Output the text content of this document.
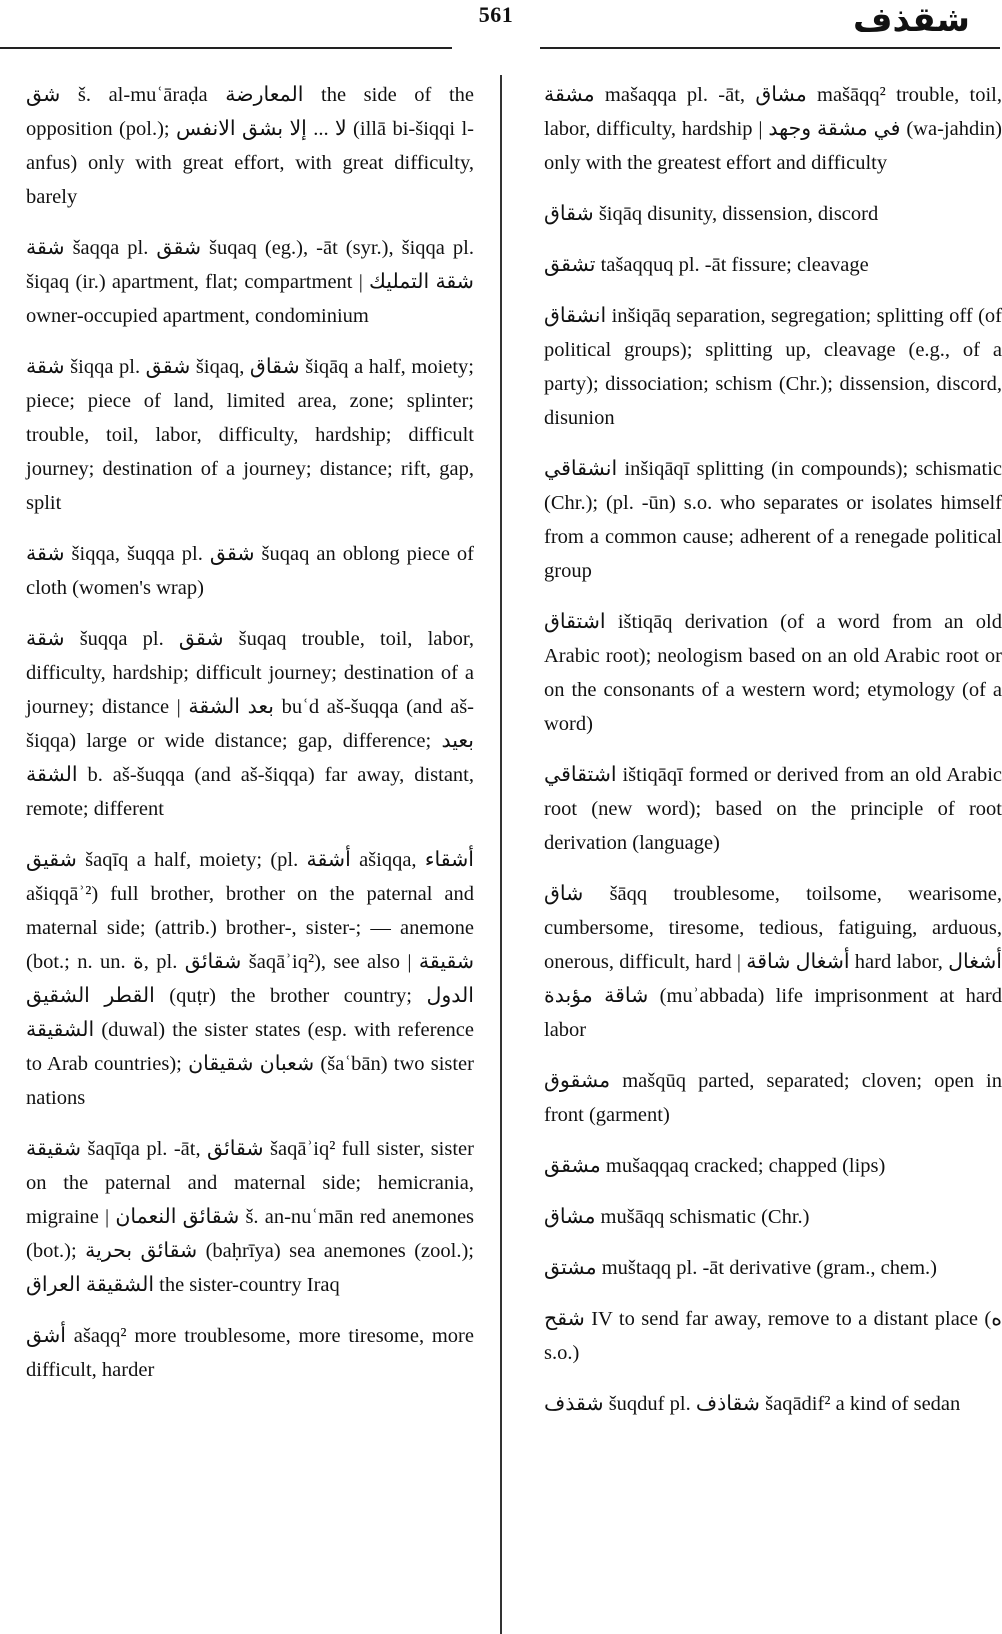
561	شقذف

شق š. al-muʿāraḍa المعارضة the side of the opposition (pol.); لا ... إلا بشق الانفس (illā bi-šiqqi l-anfus) only with great effort, with great difficulty, barely

شقة šaqqa pl. شقق šuqaq (eg.), -āt (syr.), šiqqa pl. šiqaq (ir.) apartment, flat; compartment | شقة التمليك owner-occupied apartment, condominium

شقة šiqqa pl. شقق šiqaq, شقاق šiqāq a half, moiety; piece; piece of land, limited area, zone; splinter; trouble, toil, labor, difficulty, hardship; difficult journey; destination of a journey; distance; rift, gap, split

شقة šiqqa, šuqqa pl. شقق šuqaq an oblong piece of cloth (women's wrap)

شقة šuqqa pl. شقق šuqaq trouble, toil, labor, difficulty, hardship; difficult journey; destination of a journey; distance | بعد الشقة buʿd aš-šuqqa (and aš-šiqqa) large or wide distance; gap, difference; بعيد الشقة b. aš-šuqqa (and aš-šiqqa) far away, distant, remote; different

شقيق šaqīq a half, moiety; (pl. أشقة ašiqqa, أشقاء ašiqqāʾ²) full brother, brother on the paternal and maternal side; (attrib.) brother-, sister-; — anemone (bot.; n. un. ة, pl. شقائق šaqāʾiq²), see also شقيقة | القطر الشقيق (quṭr) the brother country; الدول الشقيقة (duwal) the sister states (esp. with reference to Arab countries); شعبان شقيقان (šaʿbān) two sister nations

شقيقة šaqīqa pl. -āt, شقائق šaqāʾiq² full sister, sister on the paternal and maternal side; hemicrania, migraine | شقائق النعمان š. an-nuʿmān red anemones (bot.); شقائق بحرية (baḥrīya) sea anemones (zool.); الشقيقة العراق the sister-country Iraq

أشق ašaqq² more troublesome, more tiresome, more difficult, harder

مشقة mašaqqa pl. -āt, مشاق mašāqq² trouble, toil, labor, difficulty, hardship | في مشقة وجهد (wa-jahdin) only with the greatest effort and difficulty

شقاق šiqāq disunity, dissension, discord

تشقق tašaqquq pl. -āt fissure; cleavage

انشقاق inšiqāq separation, segregation; splitting off (of political groups); splitting up, cleavage (e.g., of a party); dissociation; schism (Chr.); dissension, discord, disunion

انشقاقي inšiqāqī splitting (in compounds); schismatic (Chr.); (pl. -ūn) s.o. who separates or isolates himself from a common cause; adherent of a renegade political group

اشتقاق ištiqāq derivation (of a word from an old Arabic root); neologism based on an old Arabic root or on the consonants of a western word; etymology (of a word)

اشتقاقي ištiqāqī formed or derived from an old Arabic root (new word); based on the principle of root derivation (language)

شاق šāqq troublesome, toilsome, wearisome, cumbersome, tiresome, tedious, fatiguing, arduous, onerous, difficult, hard | أشغال شاقة hard labor, أشغال شاقة مؤبدة (muʾabbada) life imprisonment at hard labor

مشقوق mašqūq parted, separated; cloven; open in front (garment)

مشقق mušaqqaq cracked; chapped (lips)

مشاق mušāqq schismatic (Chr.)

مشتق muštaqq pl. -āt derivative (gram., chem.)

شقح IV to send far away, remove to a distant place (ه s.o.)

شقذف šuqduf pl. شقاذف šaqādif² a kind of sedan
